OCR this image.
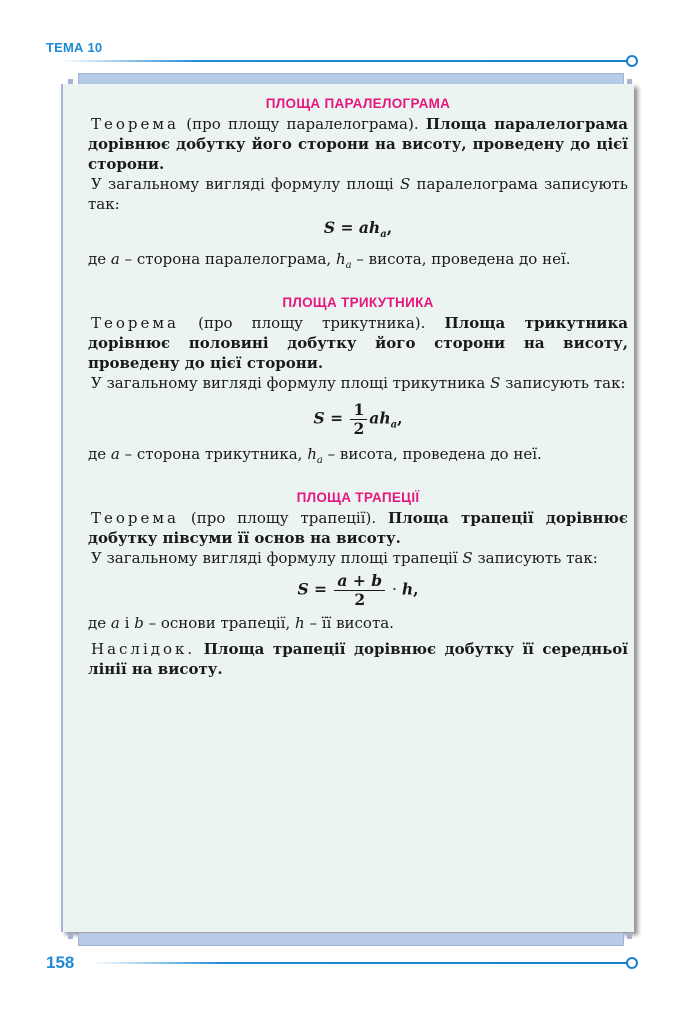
ТЕМА 10
ПЛОЩА ПАРАЛЕЛОГРАМА

Теорема (про площу паралелограма). Площа паралелограма дорівнює добутку його сторони на висоту, проведену до цієї сторони.

У загальному вигляді формулу площі S паралелограма записують так:

$S = ah_a$,

де a – сторона паралелограма, $h_a$ – висота, проведена до неї.

ПЛОЩА ТРИКУТНИКА

Теорема (про площу трикутника). Площа трикутника дорівнює половині добутку його сторони на висоту, проведену до цієї сторони.

У загальному вигляді формулу площі трикутника S записують так:

$S = \frac{1}{2} ah_a$,

де a – сторона трикутника, $h_a$ – висота, проведена до неї.

ПЛОЩА ТРАПЕЦІЇ

Теорема (про площу трапеції). Площа трапеції дорівнює добутку півсуми її основ на висоту.

У загальному вигляді формулу площі трапеції S записують так:

$S = \frac{a + b}{2} \cdot h$,

де a і b – основи трапеції, h – її висота.

Наслідок. Площа трапеції дорівнює добутку її середньої лінії на висоту.

158
